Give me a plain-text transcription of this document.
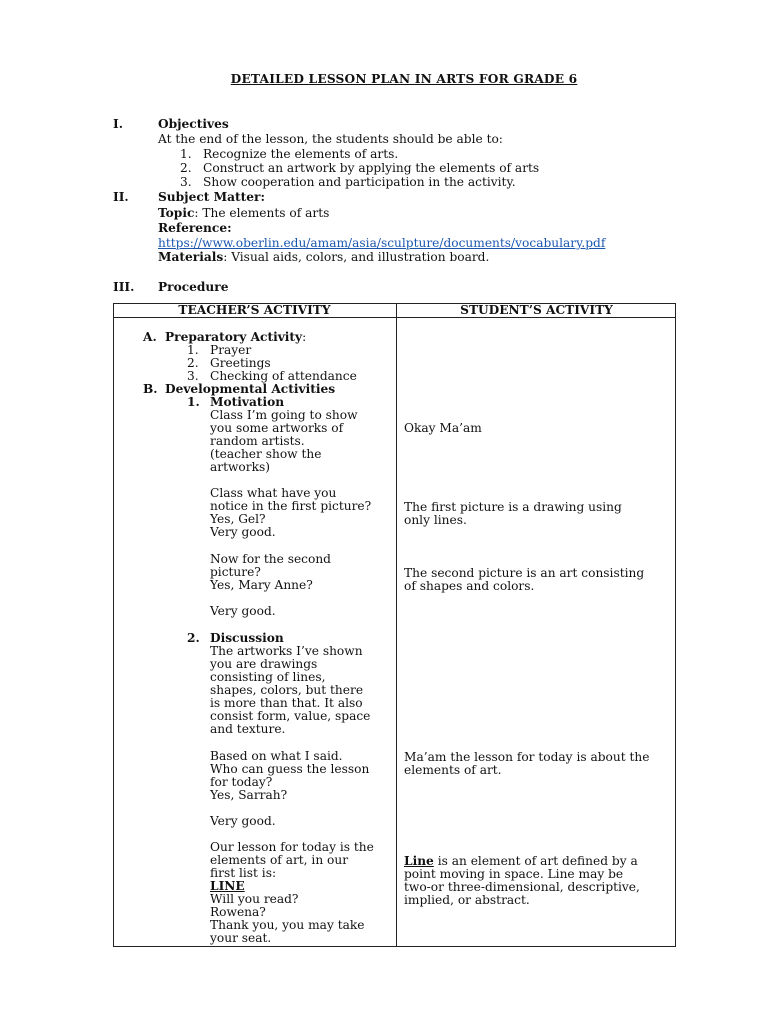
DETAILED LESSON PLAN IN ARTS FOR GRADE 6
I.	Objectives
At the end of the lesson, the students should be able to:
1. Recognize the elements of arts.
2. Construct an artwork by applying the elements of arts
3. Show cooperation and participation in the activity.
II. Subject Matter:
Topic: The elements of arts
Reference:
https://www.oberlin.edu/amam/asia/sculpture/documents/vocabulary.pdf
Materials: Visual aids, colors, and illustration board.
III. Procedure
TEACHER’S ACTIVITY	STUDENT’S ACTIVITY
A. Preparatory Activity:
1. Prayer
2. Greetings
3. Checking of attendance
B. Developmental Activities
1. Motivation
Class I’m going to show
you some artworks of
random artists.
(teacher show the
artworks)
Class what have you
notice in the first picture?
Yes, Gel?
Very good.
Now for the second
picture?
Yes, Mary Anne?
Very good.
2. Discussion
The artworks I’ve shown
you are drawings
consisting of lines,
shapes, colors, but there
is more than that. It also
consist form, value, space
and texture.
Based on what I said.
Who can guess the lesson
for today?
Yes, Sarrah?
Very good.
Our lesson for today is the
elements of art, in our
first list is:
LINE
Will you read?
Rowena?
Thank you, you may take
your seat.
Okay Ma’am
The first picture is a drawing using
only lines.
The second picture is an art consisting
of shapes and colors.
Ma’am the lesson for today is about the
elements of art.
Line is an element of art defined by a
point moving in space. Line may be
two-or three-dimensional, descriptive,
implied, or abstract.
